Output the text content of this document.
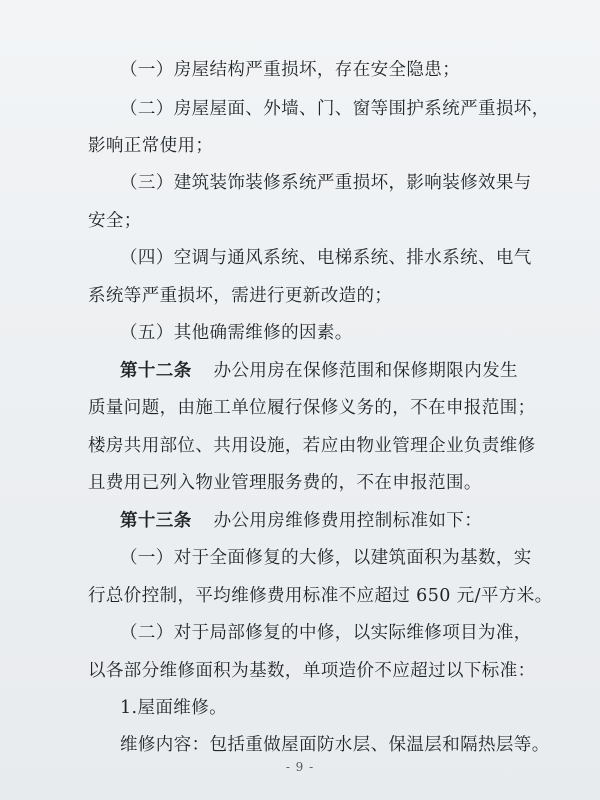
（一）房屋结构严重损坏，存在安全隐患；
（二）房屋屋面、外墙、门、窗等围护系统严重损坏，
影响正常使用；
（三）建筑装饰装修系统严重损坏，影响装修效果与
安全；
（四）空调与通风系统、电梯系统、排水系统、电气
系统等严重损坏，需进行更新改造的；
（五）其他确需维修的因素。
第十二条 办公用房在保修范围和保修期限内发生
质量问题，由施工单位履行保修义务的，不在申报范围；
楼房共用部位、共用设施，若应由物业管理企业负责维修
且费用已列入物业管理服务费的，不在申报范围。
第十三条 办公用房维修费用控制标准如下：
（一）对于全面修复的大修，以建筑面积为基数，实
行总价控制，平均维修费用标准不应超过 650 元/平方米。
（二）对于局部修复的中修，以实际维修项目为准，
以各部分维修面积为基数，单项造价不应超过以下标准：
1.屋面维修。
维修内容：包括重做屋面防水层、保温层和隔热层等。
- 9 -
